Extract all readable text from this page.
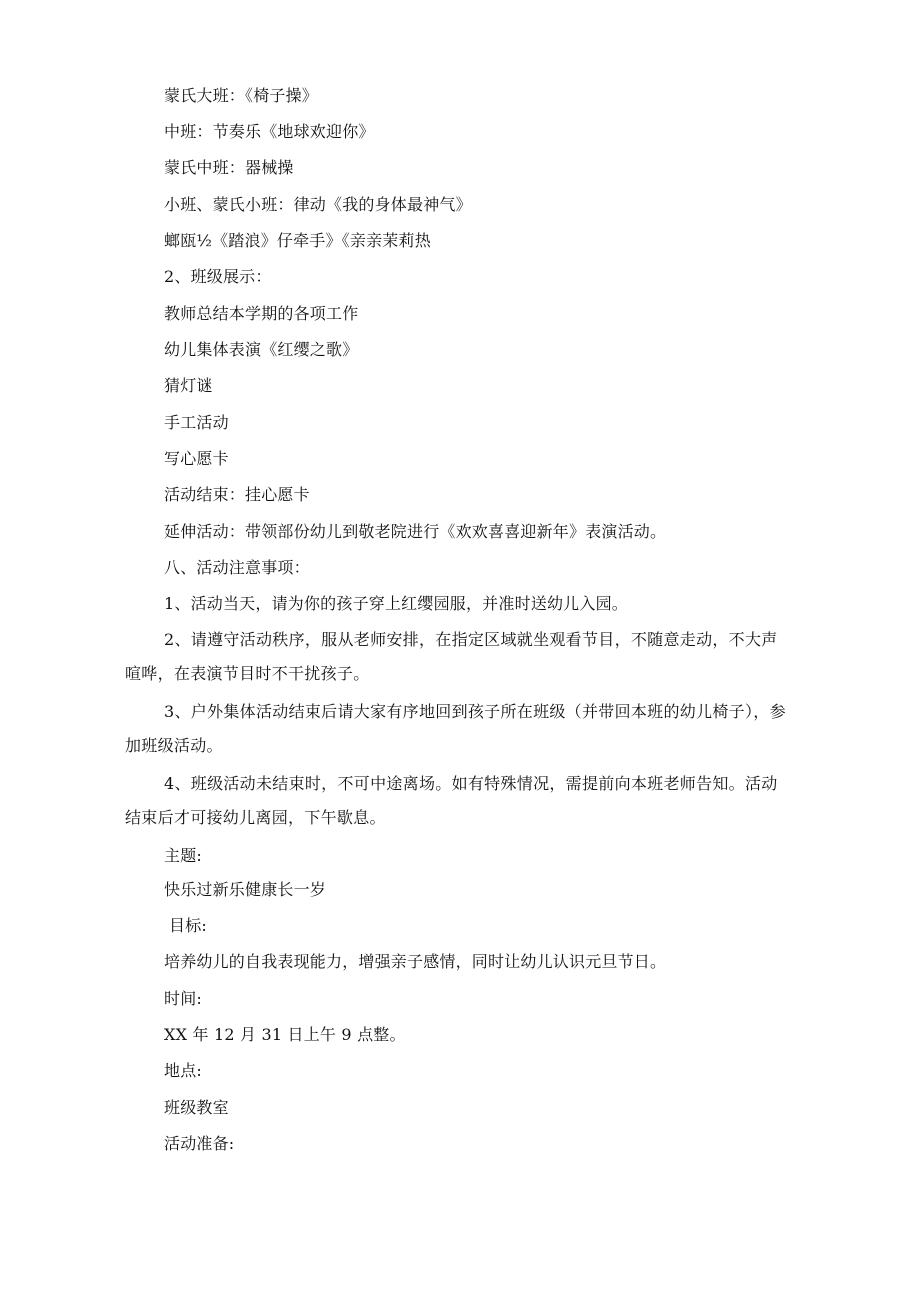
蒙氏大班：《椅子操》
中班：节奏乐《地球欢迎你》
蒙氏中班：器械操
小班、蒙氏小班：律动《我的身体最神气》
螂瓯½《踏浪》仔牵手》《亲亲茉莉热
2、班级展示：
教师总结本学期的各项工作
幼儿集体表演《红缨之歌》
猜灯谜
手工活动
写心愿卡
活动结束：挂心愿卡
延伸活动：带领部份幼儿到敬老院进行《欢欢喜喜迎新年》表演活动。
八、活动注意事项：
1、活动当天，请为你的孩子穿上红缨园服，并准时送幼儿入园。
2、请遵守活动秩序，服从老师安排，在指定区域就坐观看节目，不随意走动，不大声喧哗，在表演节目时不干扰孩子。
3、户外集体活动结束后请大家有序地回到孩子所在班级（并带回本班的幼儿椅子），参加班级活动。
4、班级活动未结束时，不可中途离场。如有特殊情况，需提前向本班老师告知。活动结束后才可接幼儿离园，下午歇息。
主题:
快乐过新乐健康长一岁
目标:
培养幼儿的自我表现能力，增强亲子感情，同时让幼儿认识元旦节日。
时间:
XX 年 12 月 31 日上午 9 点整。
地点:
班级教室
活动准备:
